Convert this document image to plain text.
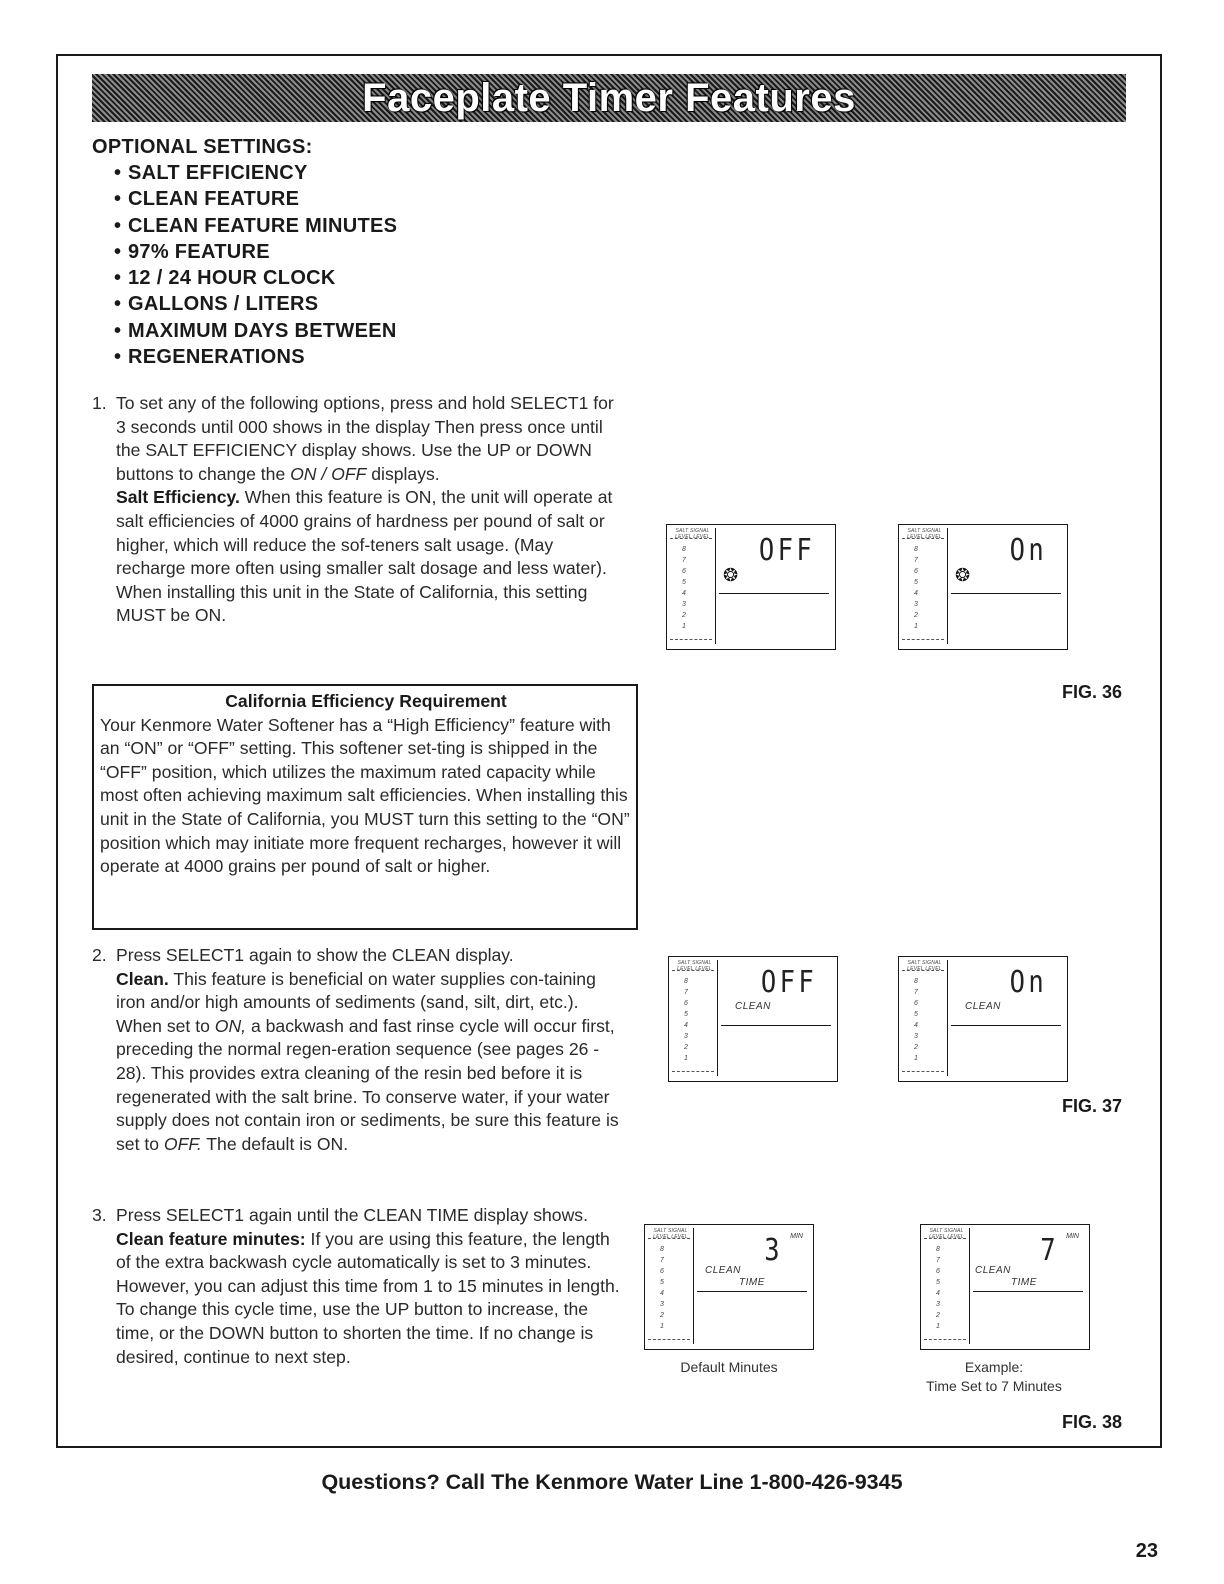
Faceplate Timer Features
OPTIONAL SETTINGS:
• SALT EFFICIENCY
• CLEAN FEATURE
• CLEAN FEATURE MINUTES
• 97% FEATURE
• 12 / 24 HOUR CLOCK
• GALLONS / LITERS
• MAXIMUM DAYS BETWEEN
• REGENERATIONS
1. To set any of the following options, press and hold SELECT1 for 3 seconds until 000 shows in the display Then press once until the SALT EFFICIENCY display shows. Use the UP or DOWN buttons to change the ON / OFF displays.
Salt Efficiency. When this feature is ON, the unit will operate at salt efficiencies of 4000 grains of hardness per pound of salt or higher, which will reduce the sof-teners salt usage. (May recharge more often using smaller salt dosage and less water). When installing this unit in the State of California, this setting MUST be ON.
California Efficiency Requirement
Your Kenmore Water Softener has a “High Efficiency” feature with an “ON” or “OFF” setting. This softener set-ting is shipped in the “OFF” position, which utilizes the maximum rated capacity while most often achieving maximum salt efficiencies. When installing this unit in the State of California, you MUST turn this setting to the “ON” position which may initiate more frequent recharges, however it will operate at 4000 grains per pound of salt or higher.
2. Press SELECT1 again to show the CLEAN display.
Clean. This feature is beneficial on water supplies con-taining iron and/or high amounts of sediments (sand, silt, dirt, etc.). When set to ON, a backwash and fast rinse cycle will occur first, preceding the normal regen-eration sequence (see pages 26 - 28). This provides extra cleaning of the resin bed before it is regenerated with the salt brine. To conserve water, if your water supply does not contain iron or sediments, be sure this feature is set to OFF. The default is ON.
3. Press SELECT1 again until the CLEAN TIME display shows.
Clean feature minutes: If you are using this feature, the length of the extra backwash cycle automatically is set to 3 minutes. However, you can adjust this time from 1 to 15 minutes in length. To change this cycle time, use the UP button to increase, the time, or the DOWN button to shorten the time. If no change is desired, continue to next step.
SALT SIGNAL LEVEL LEVEL
8
7
6
5
4
3
2
1
OFF
❂
SALT SIGNAL LEVEL LEVEL
8
7
6
5
4
3
2
1
On
❂
FIG. 36
SALT SIGNAL LEVEL LEVEL
8
7
6
5
4
3
2
1
OFF
CLEAN
SALT SIGNAL LEVEL LEVEL
8
7
6
5
4
3
2
1
On
CLEAN
FIG. 37
SALT SIGNAL LEVEL LEVEL
8
7
6
5
4
3
2
1
3 MIN
CLEAN
TIME
SALT SIGNAL LEVEL LEVEL
8
7
6
5
4
3
2
1
7 MIN
CLEAN
TIME
Default Minutes	Example:
Time Set to 7 Minutes
FIG. 38
Questions? Call The Kenmore Water Line 1-800-426-9345
23
